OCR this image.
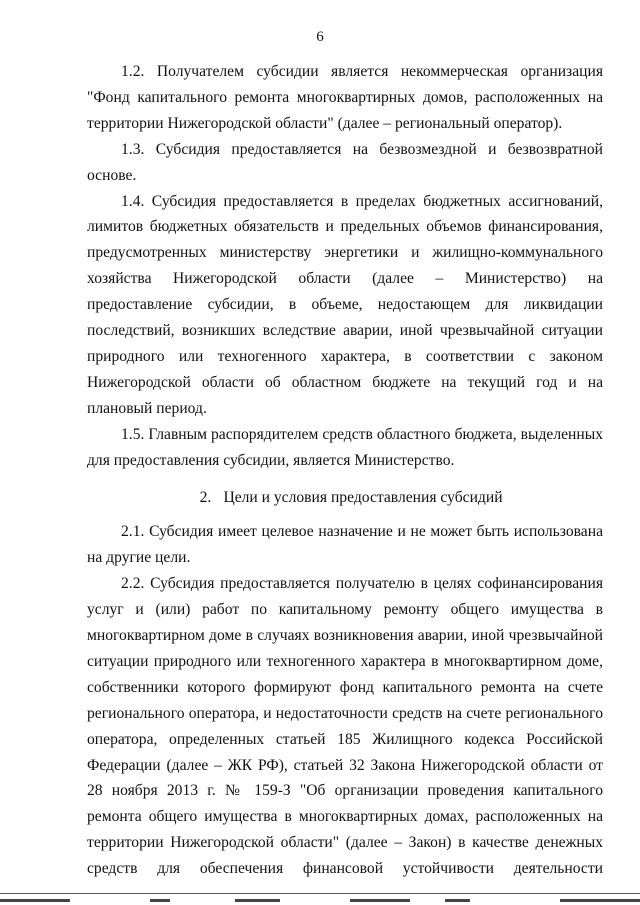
6

1.2. Получателем субсидии является некоммерческая организация "Фонд капитального ремонта многоквартирных домов, расположенных на территории Нижегородской области" (далее – региональный оператор).

1.3. Субсидия предоставляется на безвозмездной и безвозвратной основе.

1.4. Субсидия предоставляется в пределах бюджетных ассигнований, лимитов бюджетных обязательств и предельных объемов финансирования, предусмотренных министерству энергетики и жилищно-коммунального хозяйства Нижегородской области (далее – Министерство) на предоставление субсидии, в объеме, недостающем для ликвидации последствий, возникших вследствие аварии, иной чрезвычайной ситуации природного или техногенного характера, в соответствии с законом Нижегородской области об областном бюджете на текущий год и на плановый период.

1.5. Главным распорядителем средств областного бюджета, выделенных для предоставления субсидии, является Министерство.

2. Цели и условия предоставления субсидий

2.1. Субсидия имеет целевое назначение и не может быть использована на другие цели.

2.2. Субсидия предоставляется получателю в целях софинансирования услуг и (или) работ по капитальному ремонту общего имущества в многоквартирном доме в случаях возникновения аварии, иной чрезвычайной ситуации природного или техногенного характера в многоквартирном доме, собственники которого формируют фонд капитального ремонта на счете регионального оператора, и недостаточности средств на счете регионального оператора, определенных статьей 185 Жилищного кодекса Российской Федерации (далее – ЖК РФ), статьей 32 Закона Нижегородской области от 28 ноября 2013 г. № 159-З "Об организации проведения капитального ремонта общего имущества в многоквартирных домах, расположенных на территории Нижегородской области" (далее – Закон) в качестве денежных средств для обеспечения финансовой устойчивости деятельности
